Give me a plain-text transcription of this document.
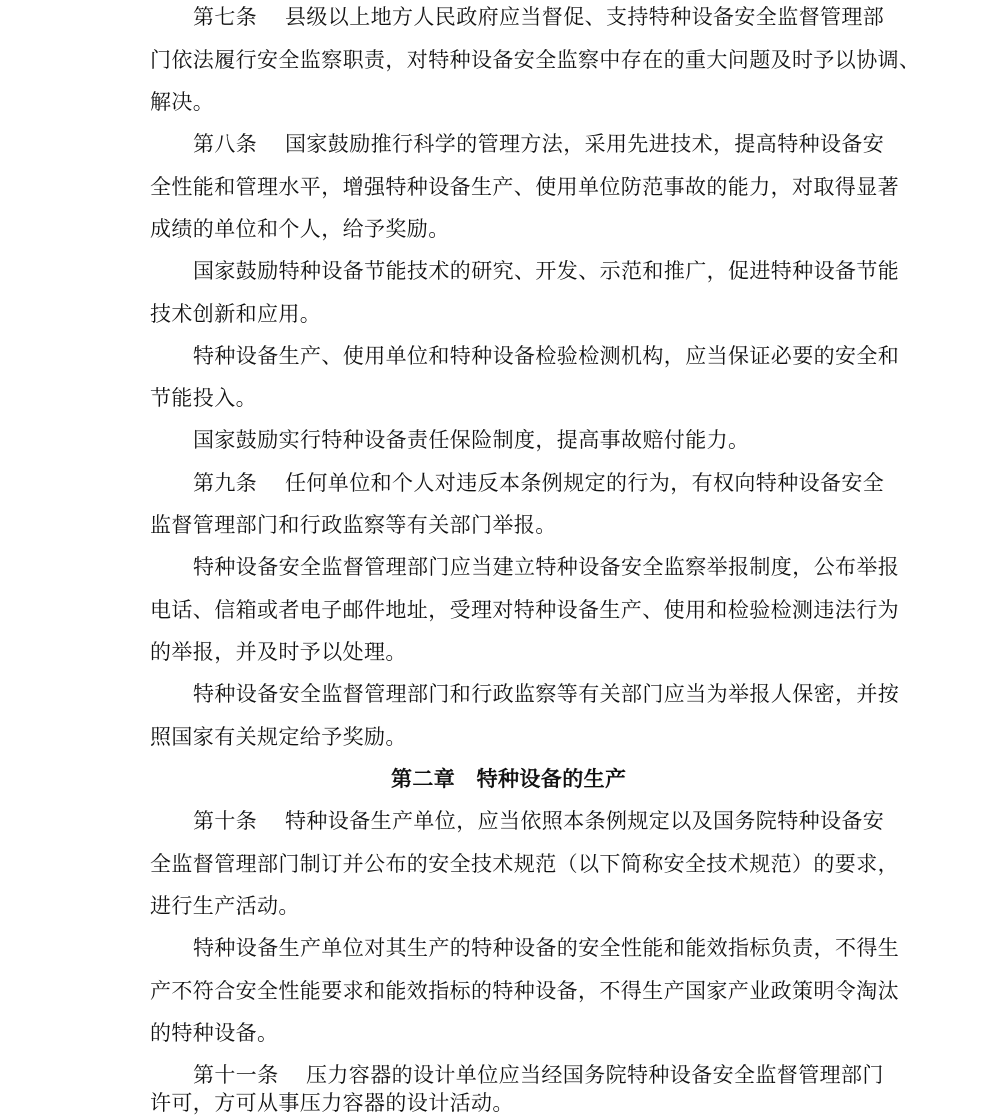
第七条 县级以上地方人民政府应当督促、支持特种设备安全监督管理部
门依法履行安全监察职责，对特种设备安全监察中存在的重大问题及时予以协调、
解决。
第八条 国家鼓励推行科学的管理方法，采用先进技术，提高特种设备安
全性能和管理水平，增强特种设备生产、使用单位防范事故的能力，对取得显著
成绩的单位和个人，给予奖励。
国家鼓励特种设备节能技术的研究、开发、示范和推广，促进特种设备节能
技术创新和应用。
特种设备生产、使用单位和特种设备检验检测机构，应当保证必要的安全和
节能投入。
国家鼓励实行特种设备责任保险制度，提高事故赔付能力。
第九条 任何单位和个人对违反本条例规定的行为，有权向特种设备安全
监督管理部门和行政监察等有关部门举报。
特种设备安全监督管理部门应当建立特种设备安全监察举报制度，公布举报
电话、信箱或者电子邮件地址，受理对特种设备生产、使用和检验检测违法行为
的举报，并及时予以处理。
特种设备安全监督管理部门和行政监察等有关部门应当为举报人保密，并按
照国家有关规定给予奖励。
第二章　特种设备的生产
第十条 特种设备生产单位，应当依照本条例规定以及国务院特种设备安
全监督管理部门制订并公布的安全技术规范（以下简称安全技术规范）的要求，
进行生产活动。
特种设备生产单位对其生产的特种设备的安全性能和能效指标负责，不得生
产不符合安全性能要求和能效指标的特种设备，不得生产国家产业政策明令淘汰
的特种设备。
第十一条 压力容器的设计单位应当经国务院特种设备安全监督管理部门
许可，方可从事压力容器的设计活动。
